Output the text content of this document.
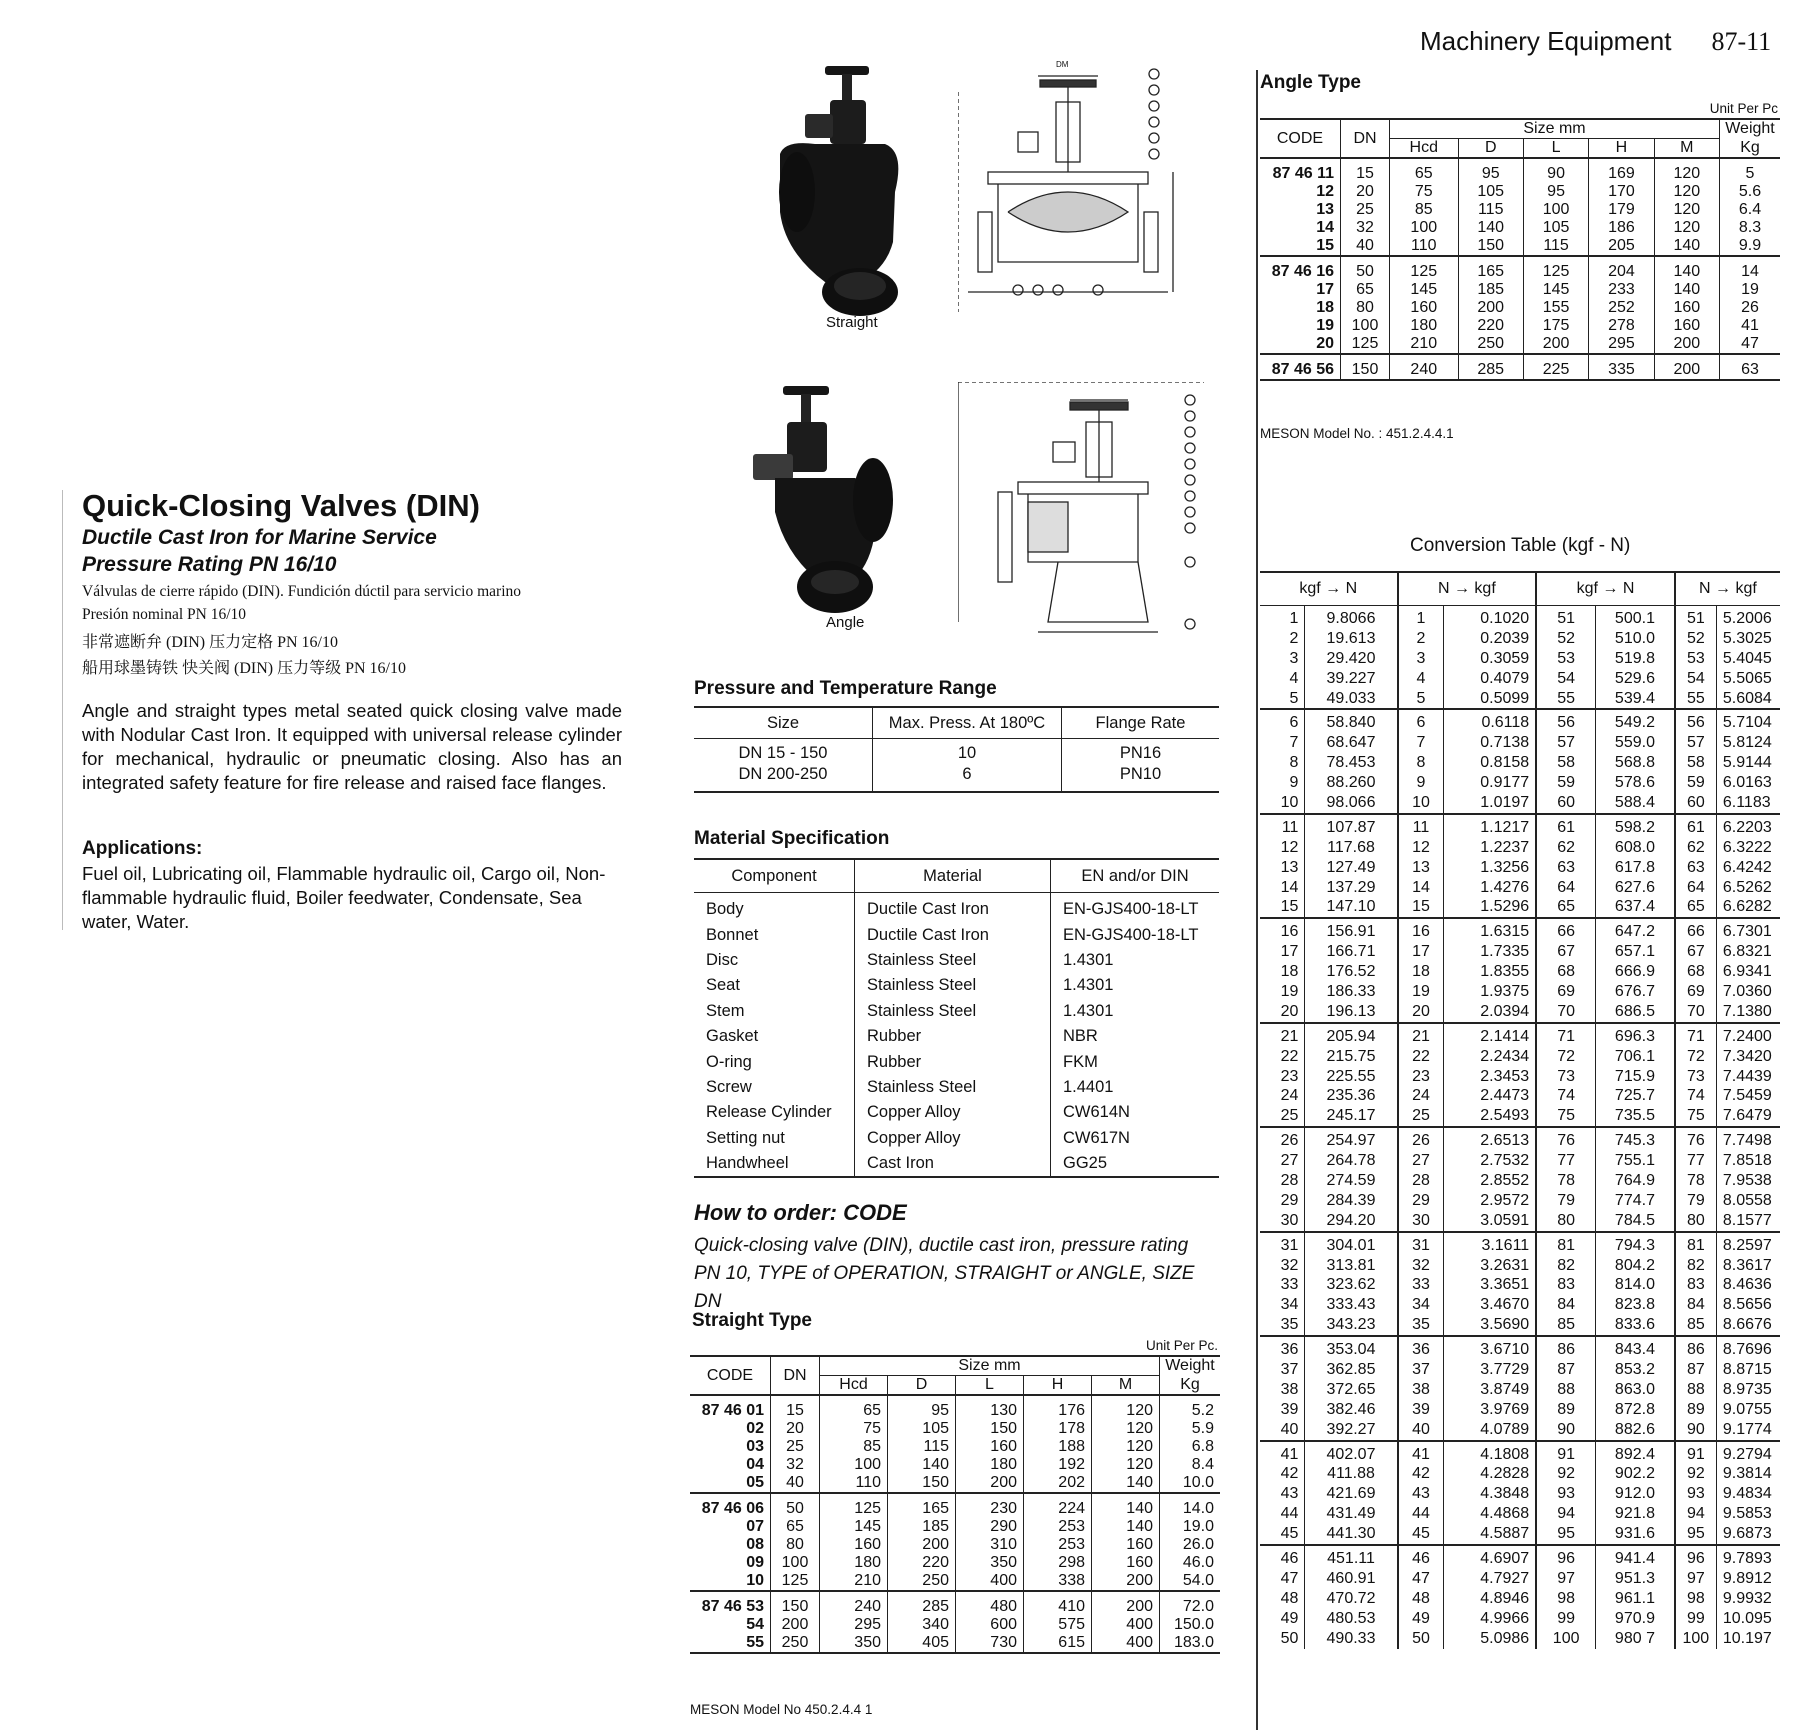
Machinery Equipment 87-11
Quick-Closing Valves (DIN)
Ductile Cast Iron for Marine Service
Pressure Rating PN 16/10
Válvulas de cierre rápido (DIN). Fundición dúctil para servicio marino
Presión nominal PN 16/10
非常遮断弁 (DIN) 压力定格 PN 16/10
船用球墨铸铁 快关阀 (DIN) 压力等级 PN 16/10
Angle and straight types metal seated quick closing valve made with Nodular Cast Iron. It equipped with universal release cylinder for mechanical, hydraulic or pneumatic closing. Also has an integrated safety feature for fire release and raised face flanges.
Applications:
Fuel oil, Lubricating oil, Flammable hydraulic oil, Cargo oil, Non-flammable hydraulic fluid, Boiler feedwater, Condensate, Sea water, Water.
Straight
DM
Angle
Pressure and Temperature Range
Size	Max. Press. At 180ºC	Flange Rate
DN 15 - 150	10	PN16
DN 200-250	6	PN10
Material Specification
Component	Material	EN and/or DIN
Body	Ductile Cast Iron	EN-GJS400-18-LT
Bonnet	Ductile Cast Iron	EN-GJS400-18-LT
Disc	Stainless Steel	1.4301
Seat	Stainless Steel	1.4301
Stem	Stainless Steel	1.4301
Gasket	Rubber	NBR
O-ring	Rubber	FKM
Screw	Stainless Steel	1.4401
Release Cylinder	Copper Alloy	CW614N
Setting nut	Copper Alloy	CW617N
Handwheel	Cast Iron	GG25
How to order: CODE
Quick-closing valve (DIN), ductile cast iron, pressure rating PN 10, TYPE of OPERATION, STRAIGHT or ANGLE, SIZE DN
Straight Type
Unit Per Pc.
CODE	DN	Size mm					Weight
		Hcd	D	L	H	M	Kg
87 46 01	15	65	95	130	176	120	5.2
02	20	75	105	150	178	120	5.9
03	25	85	115	160	188	120	6.8
04	32	100	140	180	192	120	8.4
05	40	110	150	200	202	140	10.0
87 46 06	50	125	165	230	224	140	14.0
07	65	145	185	290	253	140	19.0
08	80	160	200	310	253	160	26.0
09	100	180	220	350	298	160	46.0
10	125	210	250	400	338	200	54.0
87 46 53	150	240	285	480	410	200	72.0
54	200	295	340	600	575	400	150.0
55	250	350	405	730	615	400	183.0
MESON Model No 450.2.4.4 1
Angle Type
Unit Per Pc
CODE	DN	Size mm					Weight
		Hcd	D	L	H	M	Kg
87 46 11	15	65	95	90	169	120	5
12	20	75	105	95	170	120	5.6
13	25	85	115	100	179	120	6.4
14	32	100	140	105	186	120	8.3
15	40	110	150	115	205	140	9.9
87 46 16	50	125	165	125	204	140	14
17	65	145	185	145	233	140	19
18	80	160	200	155	252	160	26
19	100	180	220	175	278	160	41
20	125	210	250	200	295	200	47
87 46 56	150	240	285	225	335	200	63
MESON Model No. : 451.2.4.4.1
Conversion Table (kgf - N)
kgf → N		N → kgf		kgf → N		N → kgf	
1	9.8066	1	0.1020	51	500.1	51	5.2006
2	19.613	2	0.2039	52	510.0	52	5.3025
3	29.420	3	0.3059	53	519.8	53	5.4045
4	39.227	4	0.4079	54	529.6	54	5.5065
5	49.033	5	0.5099	55	539.4	55	5.6084
6	58.840	6	0.6118	56	549.2	56	5.7104
7	68.647	7	0.7138	57	559.0	57	5.8124
8	78.453	8	0.8158	58	568.8	58	5.9144
9	88.260	9	0.9177	59	578.6	59	6.0163
10	98.066	10	1.0197	60	588.4	60	6.1183
11	107.87	11	1.1217	61	598.2	61	6.2203
12	117.68	12	1.2237	62	608.0	62	6.3222
13	127.49	13	1.3256	63	617.8	63	6.4242
14	137.29	14	1.4276	64	627.6	64	6.5262
15	147.10	15	1.5296	65	637.4	65	6.6282
16	156.91	16	1.6315	66	647.2	66	6.7301
17	166.71	17	1.7335	67	657.1	67	6.8321
18	176.52	18	1.8355	68	666.9	68	6.9341
19	186.33	19	1.9375	69	676.7	69	7.0360
20	196.13	20	2.0394	70	686.5	70	7.1380
21	205.94	21	2.1414	71	696.3	71	7.2400
22	215.75	22	2.2434	72	706.1	72	7.3420
23	225.55	23	2.3453	73	715.9	73	7.4439
24	235.36	24	2.4473	74	725.7	74	7.5459
25	245.17	25	2.5493	75	735.5	75	7.6479
26	254.97	26	2.6513	76	745.3	76	7.7498
27	264.78	27	2.7532	77	755.1	77	7.8518
28	274.59	28	2.8552	78	764.9	78	7.9538
29	284.39	29	2.9572	79	774.7	79	8.0558
30	294.20	30	3.0591	80	784.5	80	8.1577
31	304.01	31	3.1611	81	794.3	81	8.2597
32	313.81	32	3.2631	82	804.2	82	8.3617
33	323.62	33	3.3651	83	814.0	83	8.4636
34	333.43	34	3.4670	84	823.8	84	8.5656
35	343.23	35	3.5690	85	833.6	85	8.6676
36	353.04	36	3.6710	86	843.4	86	8.7696
37	362.85	37	3.7729	87	853.2	87	8.8715
38	372.65	38	3.8749	88	863.0	88	8.9735
39	382.46	39	3.9769	89	872.8	89	9.0755
40	392.27	40	4.0789	90	882.6	90	9.1774
41	402.07	41	4.1808	91	892.4	91	9.2794
42	411.88	42	4.2828	92	902.2	92	9.3814
43	421.69	43	4.3848	93	912.0	93	9.4834
44	431.49	44	4.4868	94	921.8	94	9.5853
45	441.30	45	4.5887	95	931.6	95	9.6873
46	451.11	46	4.6907	96	941.4	96	9.7893
47	460.91	47	4.7927	97	951.3	97	9.8912
48	470.72	48	4.8946	98	961.1	98	9.9932
49	480.53	49	4.9966	99	970.9	99	10.095
50	490.33	50	5.0986	100	980 7	100	10.197
